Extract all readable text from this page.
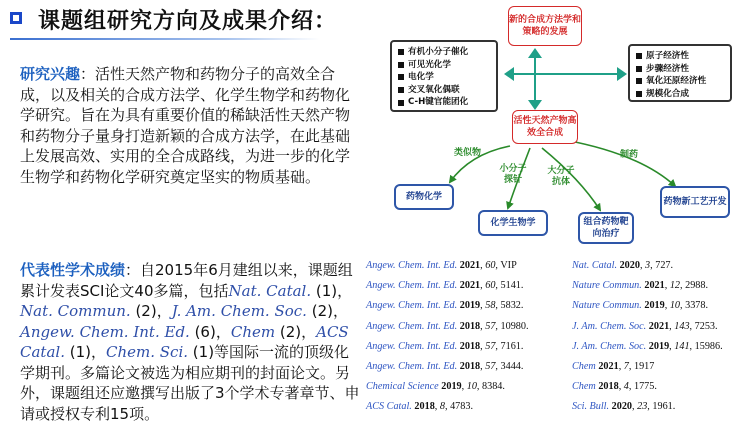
课题组研究方向及成果介绍：
研究兴趣：活性天然产物和药物分子的高效全合成，以及相关的合成方法学、化学生物学和药物化学研究。旨在为具有重要价值的稀缺活性天然产物和药物分子量身打造新颖的合成方法学，在此基础上发展高效、实用的全合成路线，为进一步的化学生物学和药物化学研究奠定坚实的物质基础。
代表性学术成绩：自2015年6月建组以来，课题组累计发表SCI论文40多篇，包括Nat. Catal. (1)，Nat. Commun. (2)，J. Am. Chem. Soc. (2)，Angew. Chem. Int. Ed. (6)，Chem (2)，ACS Catal. (1)，Chem. Sci. (1)等国际一流的顶级化学期刊。多篇论文被选为相应期刊的封面论文。另外，课题组还应邀撰写出版了3个学术专著章节、申请或授权专利15项。
Angew. Chem. Int. Ed. 2021, 60, VIP
Angew. Chem. Int. Ed. 2021, 60, 5141.
Angew. Chem. Int. Ed. 2019, 58, 5832.
Angew. Chem. Int. Ed. 2018, 57, 10980.
Angew. Chem. Int. Ed. 2018, 57, 7161.
Angew. Chem. Int. Ed. 2018, 57, 3444.
Chemical Science 2019, 10, 8384.
ACS Catal. 2018, 8, 4783.
Nat. Catal. 2020, 3, 727.
Nature Commun. 2021, 12, 2988.
Nature Commun. 2019, 10, 3378.
J. Am. Chem. Soc. 2021, 143, 7253.
J. Am. Chem. Soc. 2019, 141, 15986.
Chem 2021, 7, 1917
Chem 2018, 4, 1775.
Sci. Bull. 2020, 23, 1961.
新的合成方法学和策略的发展
活性天然产物高效全合成
有机小分子催化
可见光化学
电化学
交叉氧化偶联
C-H键官能团化
原子经济性
步骤经济性
氧化还原经济性
规模化合成
药物化学
化学生物学	组合药物靶向治疗
药物新工艺开发
类似物
小分子探针
大分子抗体
制药
